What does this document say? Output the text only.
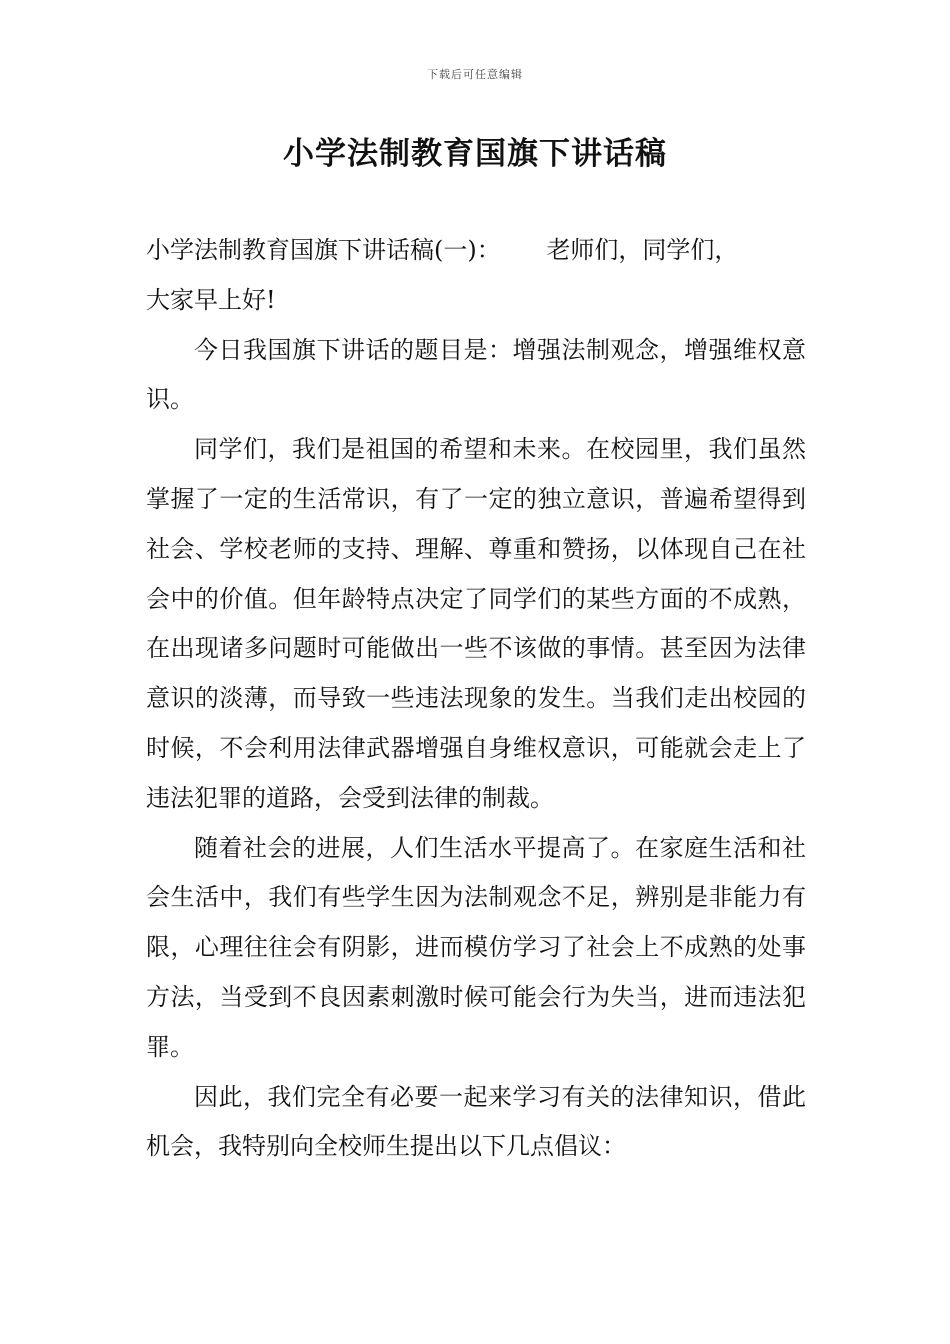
下载后可任意编辑
小学法制教育国旗下讲话稿

小学法制教育国旗下讲话稿(一)： 老师们，同学们，
大家早上好!

今日我国旗下讲话的题目是：增强法制观念，增强维权意识。

同学们，我们是祖国的希望和未来。在校园里，我们虽然掌握了一定的生活常识，有了一定的独立意识，普遍希望得到社会、学校老师的支持、理解、尊重和赞扬，以体现自己在社会中的价值。但年龄特点决定了同学们的某些方面的不成熟，在出现诸多问题时可能做出一些不该做的事情。甚至因为法律意识的淡薄，而导致一些违法现象的发生。当我们走出校园的时候，不会利用法律武器增强自身维权意识，可能就会走上了违法犯罪的道路，会受到法律的制裁。

随着社会的进展，人们生活水平提高了。在家庭生活和社会生活中，我们有些学生因为法制观念不足，辨别是非能力有限，心理往往会有阴影，进而模仿学习了社会上不成熟的处事方法，当受到不良因素刺激时候可能会行为失当，进而违法犯罪。

因此，我们完全有必要一起来学习有关的法律知识，借此机会，我特别向全校师生提出以下几点倡议：
